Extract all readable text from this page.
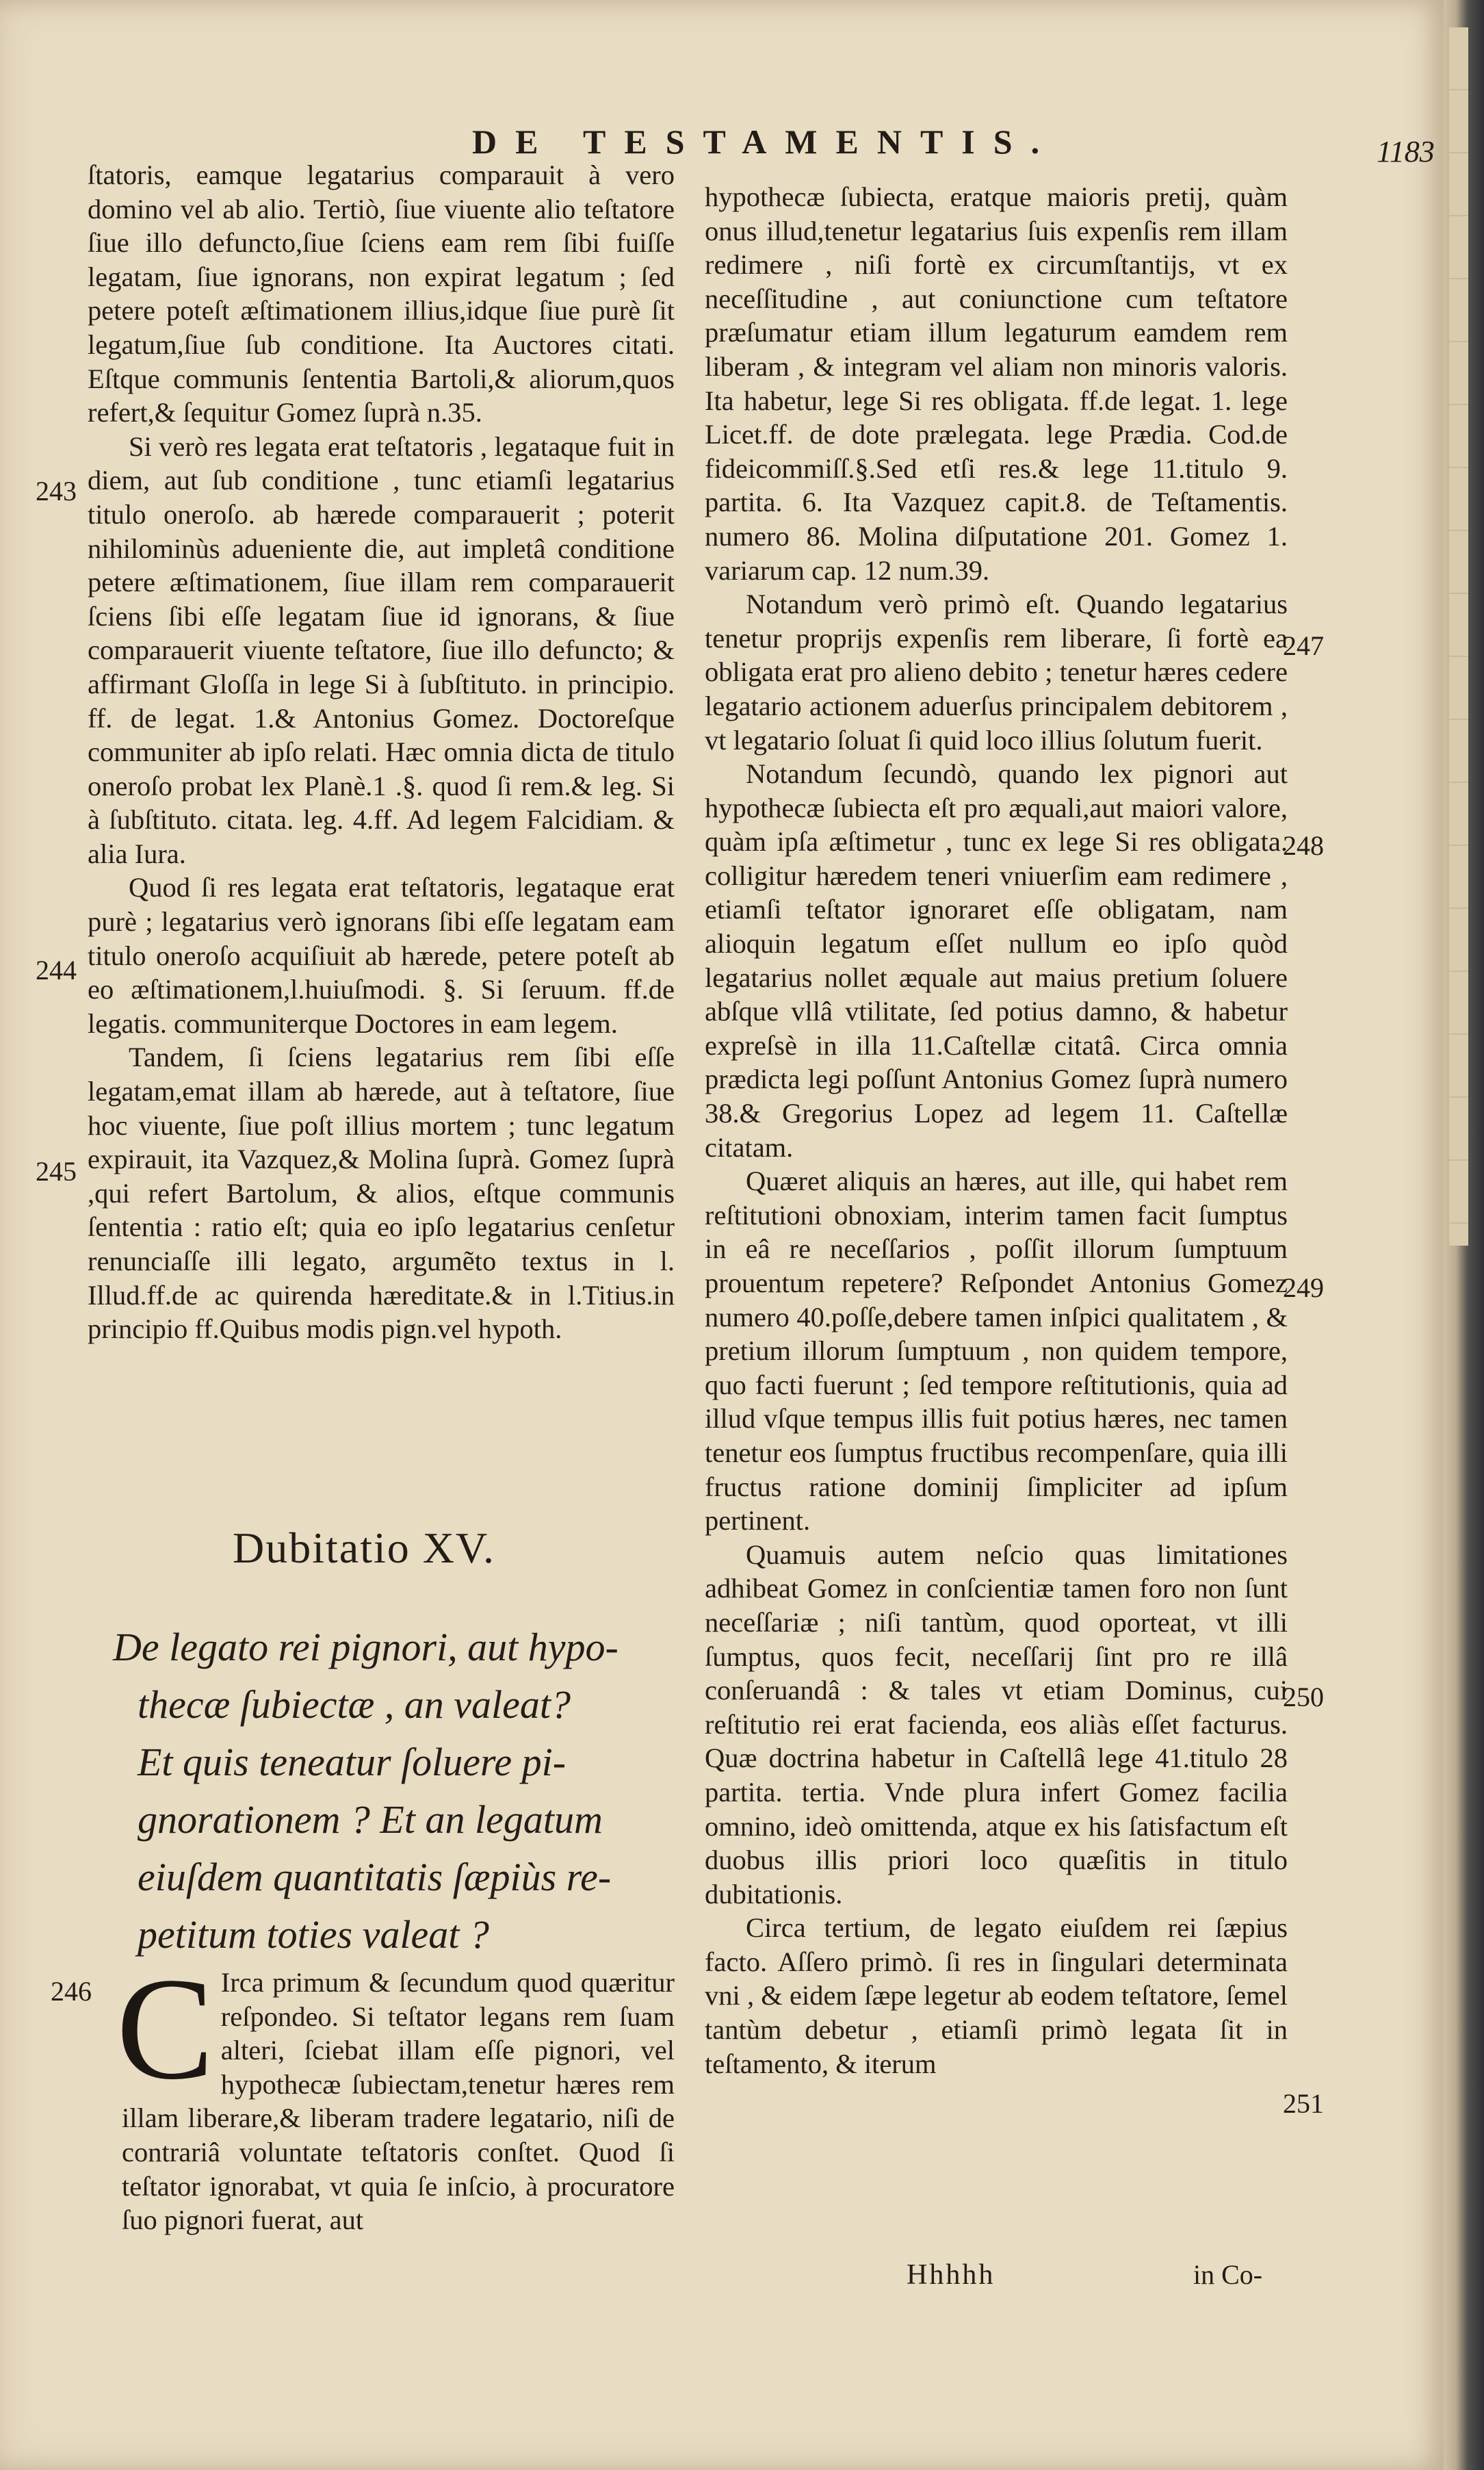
DE TESTAMENTIS.	1183

ſtatoris, eamque legatarius comparauit à vero domino vel ab alio. Tertiò, ſiue viuente alio teſtatore ſiue illo defuncto,ſiue ſciens eam rem ſibi fuiſſe legatam, ſiue ignorans, non expirat legatum ; ſed petere poteſt æſtimationem illius,idque ſiue purè ſit legatum,ſiue ſub conditione. Ita Auctores citati. Eſtque communis ſententia Bartoli,& aliorum,quos refert,& ſequitur Gomez ſuprà n.35.

Si verò res legata erat teſtatoris , legataque fuit in diem, aut ſub conditione , tunc etiamſi legatarius titulo oneroſo. ab hærede comparauerit ; poterit nihilominùs adueniente die, aut impletâ conditione petere æſtimationem, ſiue illam rem comparauerit ſciens ſibi eſſe legatam ſiue id ignorans, & ſiue comparauerit viuente teſtatore, ſiue illo defuncto; & affirmant Gloſſa in lege Si à ſubſtituto. in principio. ff. de legat. 1.& Antonius Gomez. Doctoreſque communiter ab ipſo relati. Hæc omnia dicta de titulo oneroſo probat lex Planè.1 .§. quod ſi rem.& leg. Si à ſubſtituto. citata. leg. 4.ff. Ad legem Falcidiam. & alia Iura.

Quod ſi res legata erat teſtatoris, legataque erat purè ; legatarius verò ignorans ſibi eſſe legatam eam titulo oneroſo acquiſiuit ab hærede, petere poteſt ab eo æſtimationem,l.huiuſmodi. §. Si ſeruum. ff.de legatis. communiterque Doctores in eam legem.

Tandem, ſi ſciens legatarius rem ſibi eſſe legatam,emat illam ab hærede, aut à teſtatore, ſiue hoc viuente, ſiue poſt illius mortem ; tunc legatum expirauit, ita Vazquez,& Molina ſuprà. Gomez ſuprà ,qui refert Bartolum, & alios, eſtque communis ſententia : ratio eſt; quia eo ipſo legatarius cenſetur renunciaſſe illi legato, argumẽto textus in l. Illud.ff.de ac quirenda hæreditate.& in l.Titius.in principio ff.Quibus modis pign.vel hypoth.

243
244
245
Dubitatio XV.

De legato rei pignori, aut hypo-

thecæ ſubiectæ , an valeat?

Et quis teneatur ſoluere pi-

gnorationem ? Et an legatum

eiuſdem quantitatis ſæpiùs re-

petitum toties valeat ?

246 C Irca primum & ſecundum quod quæritur reſpondeo. Si teſtator legans rem ſuam alteri, ſciebat illam eſſe pignori, vel hypothecæ ſubiectam,tenetur hæres rem illam liberare,& liberam tradere legatario, niſi de contrariâ voluntate teſtatoris conſtet. Quod ſi teſtator ignorabat, vt quia ſe inſcio, à procuratore ſuo pignori fuerat, aut

hypothecæ ſubiecta, eratque maioris pretij, quàm onus illud,tenetur legatarius ſuis expenſis rem illam redimere , niſi fortè ex circumſtantijs, vt ex neceſſitudine , aut coniunctione cum teſtatore præſumatur etiam illum legaturum eamdem rem liberam , & integram vel aliam non minoris valoris. Ita habetur, lege Si res obligata. ff.de legat. 1. lege Licet.ff. de dote prælegata. lege Prædia. Cod.de fideicommiſſ.§.Sed etſi res.& lege 11.titulo 9. partita. 6. Ita Vazquez capit.8. de Teſtamentis. numero 86. Molina diſputatione 201. Gomez 1. variarum cap. 12 num.39.

Notandum verò primò eſt. Quando legatarius tenetur proprijs expenſis rem liberare, ſi fortè ea obligata erat pro alieno debito ; tenetur hæres cedere legatario actionem aduerſus principalem debitorem , vt legatario ſoluat ſi quid loco illius ſolutum fuerit.

Notandum ſecundò, quando lex pignori aut hypothecæ ſubiecta eſt pro æquali,aut maiori valore, quàm ipſa æſtimetur , tunc ex lege Si res obligata. colligitur hæredem teneri vniuerſim eam redimere , etiamſi teſtator ignoraret eſſe obligatam, nam alioquin legatum eſſet nullum eo ipſo quòd legatarius nollet æquale aut maius pretium ſoluere abſque vllâ vtilitate, ſed potius damno, & habetur expreſsè in illa 11.Caſtellæ citatâ. Circa omnia prædicta legi poſſunt Antonius Gomez ſuprà numero 38.& Gregorius Lopez ad legem 11. Caſtellæ citatam.

Quæret aliquis an hæres, aut ille, qui habet rem reſtitutioni obnoxiam, interim tamen facit ſumptus in eâ re neceſſarios , poſſit illorum ſumptuum prouentum repetere? Reſpondet Antonius Gomez numero 40.poſſe,debere tamen inſpici qualitatem , & pretium illorum ſumptuum , non quidem tempore, quo facti fuerunt ; ſed tempore reſtitutionis, quia ad illud vſque tempus illis fuit potius hæres, nec tamen tenetur eos ſumptus fructibus recompenſare, quia illi fructus ratione dominij ſimpliciter ad ipſum pertinent.

Quamuis autem neſcio quas limitationes adhibeat Gomez in conſcientiæ tamen foro non ſunt neceſſariæ ; niſi tantùm, quod oporteat, vt illi ſumptus, quos fecit, neceſſarij ſint pro re illâ conſeruandâ : & tales vt etiam Dominus, cui reſtitutio rei erat facienda, eos aliàs eſſet facturus. Quæ doctrina habetur in Caſtellâ lege 41.titulo 28 partita. tertia. Vnde plura infert Gomez facilia omnino, ideò omittenda, atque ex his ſatisfactum eſt duobus illis priori loco quæſitis in titulo dubitationis.

Circa tertium, de legato eiuſdem rei ſæpius facto. Aſſero primò. ſi res in ſingulari determinata vni , & eidem ſæpe legetur ab eodem teſtatore, ſemel tantùm debetur , etiamſi primò legata ſit in teſtamento, & iterum

247
248
249
250
251
Hhhhh	in Co-
